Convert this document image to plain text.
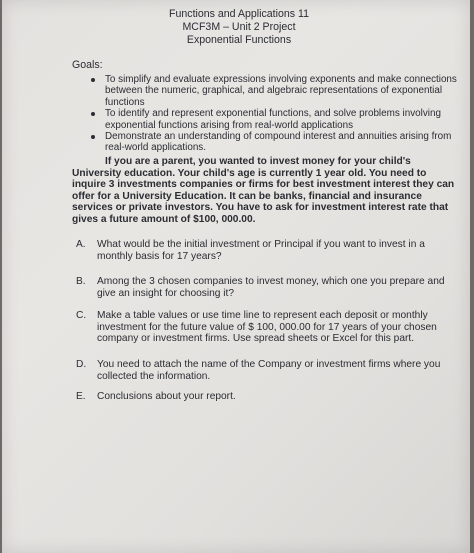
Functions and Applications 11
MCF3M – Unit 2 Project
Exponential Functions
Goals:
To simplify and evaluate expressions involving exponents and make connections between the numeric, graphical, and algebraic representations of exponential functions
To identify and represent exponential functions, and solve problems involving exponential functions arising from real-world applications
Demonstrate an understanding of compound interest and annuities arising from real-world applications.
If you are a parent, you wanted to invest money for your child's University education. Your child's age is currently 1 year old. You need to inquire 3 investments companies or firms for best investment interest they can offer for a University Education. It can be banks, financial and insurance services or private investors. You have to ask for investment interest rate that gives a future amount of $100, 000.00.
A.	What would be the initial investment or Principal if you want to invest in a monthly basis for 17 years?
B.	Among the 3 chosen companies to invest money, which one you prepare and give an insight for choosing it?
C.	Make a table values or use time line to represent each deposit or monthly investment for the future value of $ 100, 000.00 for 17 years of your chosen company or investment firms. Use spread sheets or Excel for this part.
D.	You need to attach the name of the Company or investment firms where you collected the information.
E.	Conclusions about your report.
